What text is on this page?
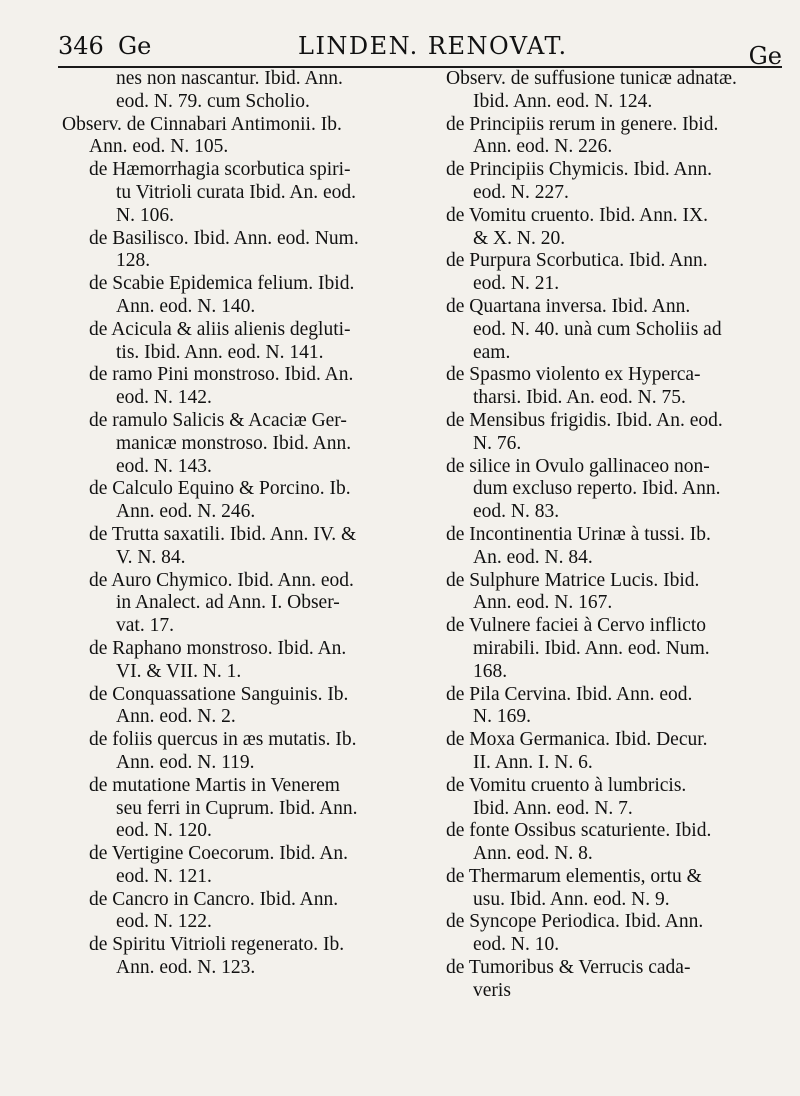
346 Ge	LINDEN. RENOVAT.	Ge
nes non nascantur. Ibid. Ann.
eod. N. 79. cum Scholio.
Observ. de Cinnabari Antimonii. Ib.
Ann. eod. N. 105.
de Hæmorrhagia scorbutica spiri-
tu Vitrioli curata Ibid. An. eod.
N. 106.
de Basilisco. Ibid. Ann. eod. Num.
128.
de Scabie Epidemica felium. Ibid.
Ann. eod. N. 140.
de Acicula & aliis alienis degluti-
tis. Ibid. Ann. eod. N. 141.
de ramo Pini monstroso. Ibid. An.
eod. N. 142.
de ramulo Salicis & Acaciæ Ger-
manicæ monstroso. Ibid. Ann.
eod. N. 143.
de Calculo Equino & Porcino. Ib.
Ann. eod. N. 246.
de Trutta saxatili. Ibid. Ann. IV. &
V. N. 84.
de Auro Chymico. Ibid. Ann. eod.
in Analect. ad Ann. I. Obser-
vat. 17.
de Raphano monstroso. Ibid. An.
VI. & VII. N. 1.
de Conquassatione Sanguinis. Ib.
Ann. eod. N. 2.
de foliis quercus in æs mutatis. Ib.
Ann. eod. N. 119.
de mutatione Martis in Venerem
seu ferri in Cuprum. Ibid. Ann.
eod. N. 120.
de Vertigine Coecorum. Ibid. An.
eod. N. 121.
de Cancro in Cancro. Ibid. Ann.
eod. N. 122.
de Spiritu Vitrioli regenerato. Ib.
Ann. eod. N. 123.
Observ. de suffusione tunicæ adnatæ.
Ibid. Ann. eod. N. 124.
de Principiis rerum in genere. Ibid.
Ann. eod. N. 226.
de Principiis Chymicis. Ibid. Ann.
eod. N. 227.
de Vomitu cruento. Ibid. Ann. IX.
& X. N. 20.
de Purpura Scorbutica. Ibid. Ann.
eod. N. 21.
de Quartana inversa. Ibid. Ann.
eod. N. 40. unà cum Scholiis ad
eam.
de Spasmo violento ex Hyperca-
tharsi. Ibid. An. eod. N. 75.
de Mensibus frigidis. Ibid. An. eod.
N. 76.
de silice in Ovulo gallinaceo non-
dum excluso reperto. Ibid. Ann.
eod. N. 83.
de Incontinentia Urinæ à tussi. Ib.
An. eod. N. 84.
de Sulphure Matrice Lucis. Ibid.
Ann. eod. N. 167.
de Vulnere faciei à Cervo inflicto
mirabili. Ibid. Ann. eod. Num.
168.
de Pila Cervina. Ibid. Ann. eod.
N. 169.
de Moxa Germanica. Ibid. Decur.
II. Ann. I. N. 6.
de Vomitu cruento à lumbricis.
Ibid. Ann. eod. N. 7.
de fonte Ossibus scaturiente. Ibid.
Ann. eod. N. 8.
de Thermarum elementis, ortu &
usu. Ibid. Ann. eod. N. 9.
de Syncope Periodica. Ibid. Ann.
eod. N. 10.
de Tumoribus & Verrucis cada-
veris
